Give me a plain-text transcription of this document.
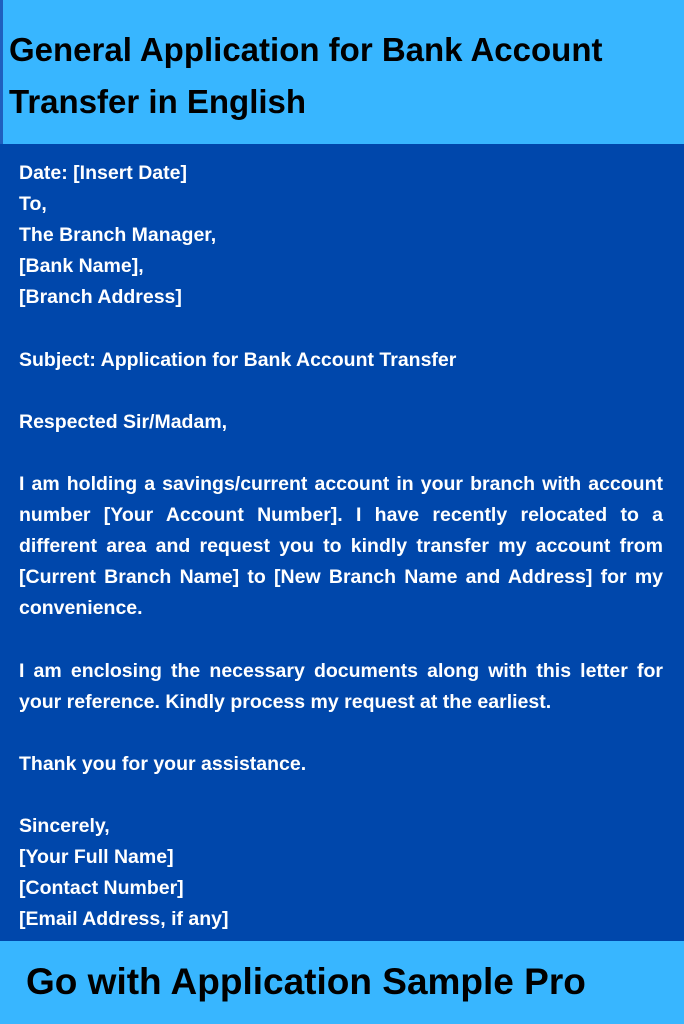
General Application for Bank Account Transfer in English

Date: [Insert Date]

To,

The Branch Manager,

[Bank Name],

[Branch Address]

Subject: Application for Bank Account Transfer

Respected Sir/Madam,

I am holding a savings/current account in your branch with account number [Your Account Number]. I have recently relocated to a different area and request you to kindly transfer my account from [Current Branch Name] to [New Branch Name and Address] for my convenience.

I am enclosing the necessary documents along with this letter for your reference. Kindly process my request at the earliest.

Thank you for your assistance.

Sincerely,

[Your Full Name]

[Contact Number]

[Email Address, if any]

Go with Application Sample Pro
